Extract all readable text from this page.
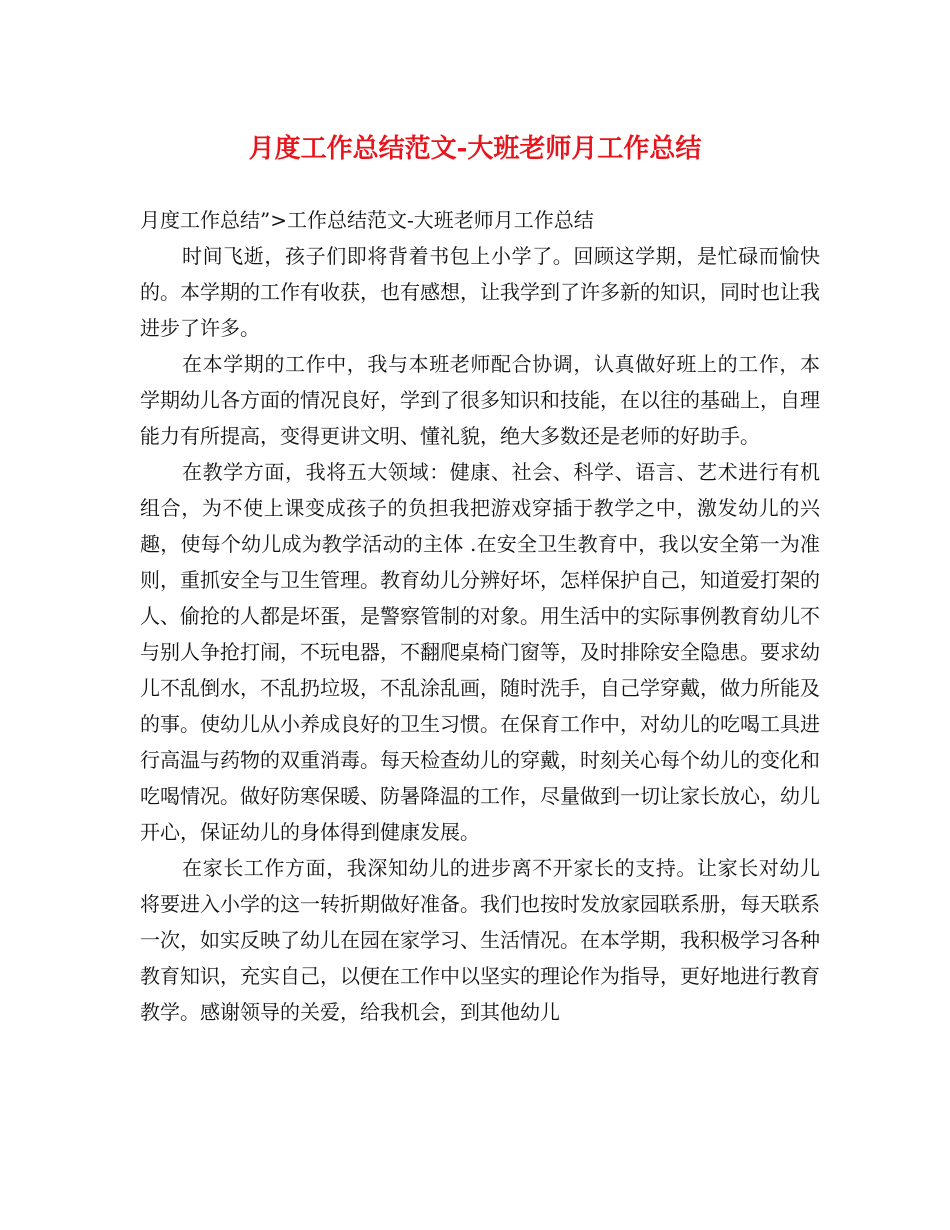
月度工作总结范文-大班老师月工作总结

月度工作总结”>工作总结范文-大班老师月工作总结

时间飞逝，孩子们即将背着书包上小学了。回顾这学期，是忙碌而愉快的。本学期的工作有收获，也有感想，让我学到了许多新的知识，同时也让我进步了许多。

在本学期的工作中，我与本班老师配合协调，认真做好班上的工作，本学期幼儿各方面的情况良好，学到了很多知识和技能，在以往的基础上，自理能力有所提高，变得更讲文明、懂礼貌，绝大多数还是老师的好助手。

在教学方面，我将五大领域：健康、社会、科学、语言、艺术进行有机组合，为不使上课变成孩子的负担我把游戏穿插于教学之中，激发幼儿的兴趣，使每个幼儿成为教学活动的主体 .在安全卫生教育中，我以安全第一为准则，重抓安全与卫生管理。教育幼儿分辨好坏，怎样保护自己，知道爱打架的人、偷抢的人都是坏蛋，是警察管制的对象。用生活中的实际事例教育幼儿不与别人争抢打闹，不玩电器，不翻爬桌椅门窗等，及时排除安全隐患。要求幼儿不乱倒水，不乱扔垃圾，不乱涂乱画，随时洗手，自己学穿戴，做力所能及的事。使幼儿从小养成良好的卫生习惯。在保育工作中，对幼儿的吃喝工具进行高温与药物的双重消毒。每天检查幼儿的穿戴，时刻关心每个幼儿的变化和吃喝情况。做好防寒保暖、防暑降温的工作，尽量做到一切让家长放心，幼儿开心，保证幼儿的身体得到健康发展。

在家长工作方面，我深知幼儿的进步离不开家长的支持。让家长对幼儿将要进入小学的这一转折期做好准备。我们也按时发放家园联系册，每天联系一次，如实反映了幼儿在园在家学习、生活情况。在本学期，我积极学习各种教育知识，充实自己，以便在工作中以坚实的理论作为指导，更好地进行教育教学。感谢领导的关爱，给我机会，到其他幼儿
